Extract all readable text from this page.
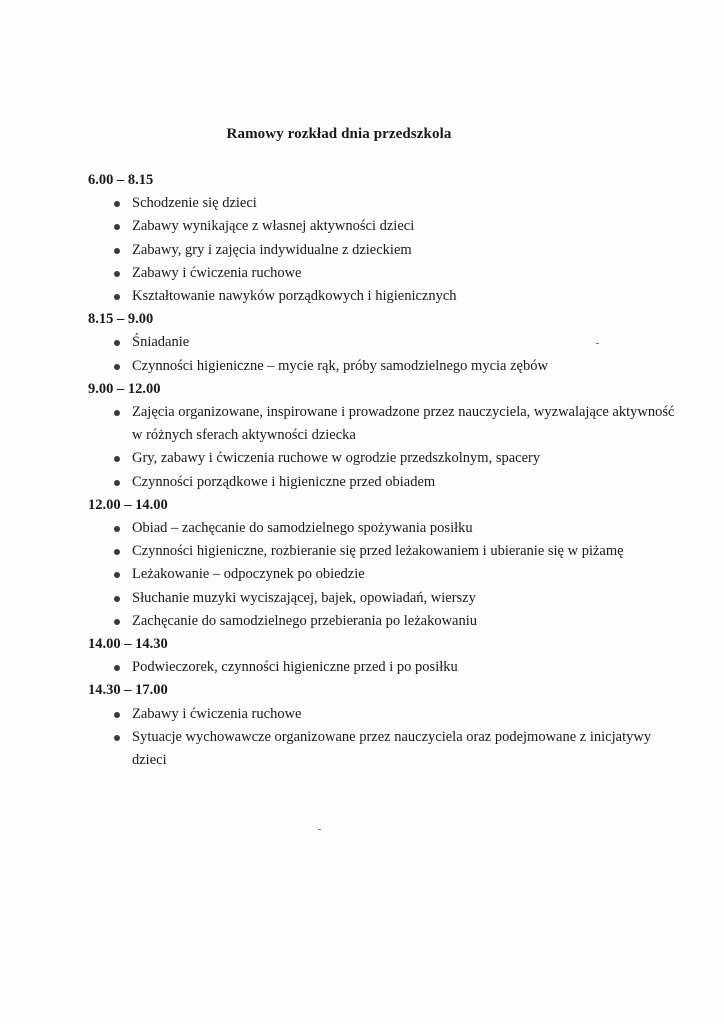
Ramowy rozkład dnia przedszkola
6.00 – 8.15
Schodzenie się dzieci
Zabawy wynikające z własnej aktywności dzieci
Zabawy, gry i zajęcia indywidualne z dzieckiem
Zabawy i ćwiczenia ruchowe
Kształtowanie nawyków porządkowych i higienicznych
8.15 – 9.00
Śniadanie
Czynności higieniczne – mycie rąk, próby samodzielnego mycia zębów
9.00 – 12.00
Zajęcia organizowane, inspirowane i prowadzone przez nauczyciela, wyzwalające aktywność w różnych sferach aktywności dziecka
Gry, zabawy i ćwiczenia ruchowe w ogrodzie przedszkolnym, spacery
Czynności porządkowe i higieniczne przed obiadem
12.00 – 14.00
Obiad – zachęcanie do samodzielnego spożywania posiłku
Czynności higieniczne, rozbieranie się przed leżakowaniem i ubieranie się w piżamę
Leżakowanie – odpoczynek po obiedzie
Słuchanie muzyki wyciszającej, bajek, opowiadań, wierszy
Zachęcanie do samodzielnego przebierania po leżakowaniu
14.00 – 14.30
Podwieczorek, czynności higieniczne przed i po posiłku
14.30 – 17.00
Zabawy i ćwiczenia ruchowe
Sytuacje wychowawcze organizowane przez nauczyciela oraz podejmowane z inicjatywy dzieci
